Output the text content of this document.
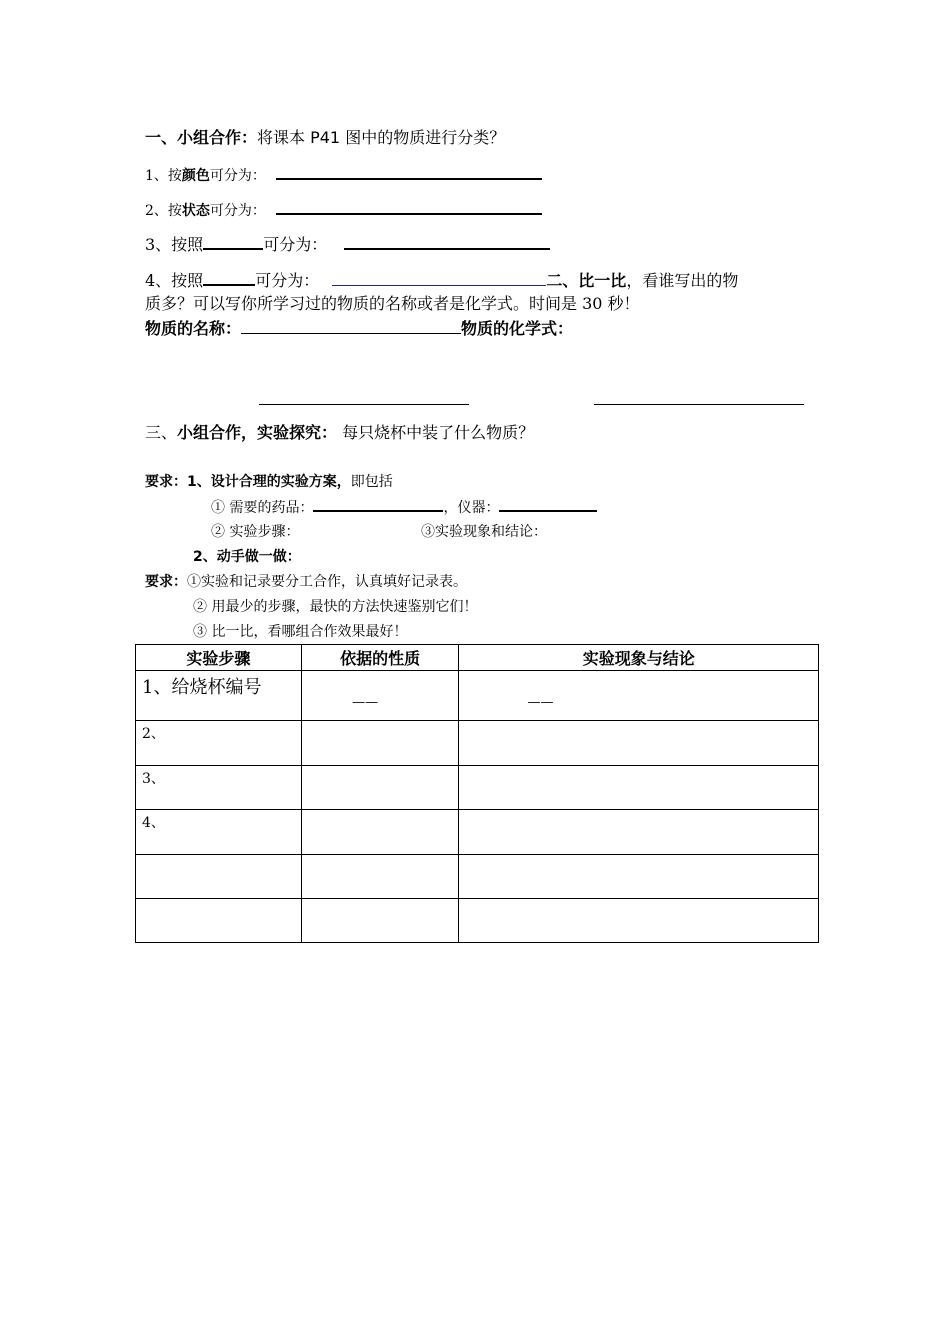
一、小组合作：将课本 P41 图中的物质进行分类？
1、按颜色可分为：
2、按状态可分为：
3、按照	可分为：
4、按照	可分为：	二、比一比，看谁写出的物
质多？可以写你所学习过的物质的名称或者是化学式。时间是 30 秒！
物质的名称：	物质的化学式：
三、小组合作，实验探究： 每只烧杯中装了什么物质？
要求：1、设计合理的实验方案，即包括
① 需要的药品：	，仪器：
② 实验步骤：	③实验现象和结论：
2、动手做一做：
要求：①实验和记录要分工合作，认真填好记录表。
② 用最少的步骤，最快的方法快速鉴别它们！
③ 比一比，看哪组合作效果最好！
实验步骤	依据的性质	实验现象与结论

1、给烧杯编号	——	——

2、		

3、		

4、		
